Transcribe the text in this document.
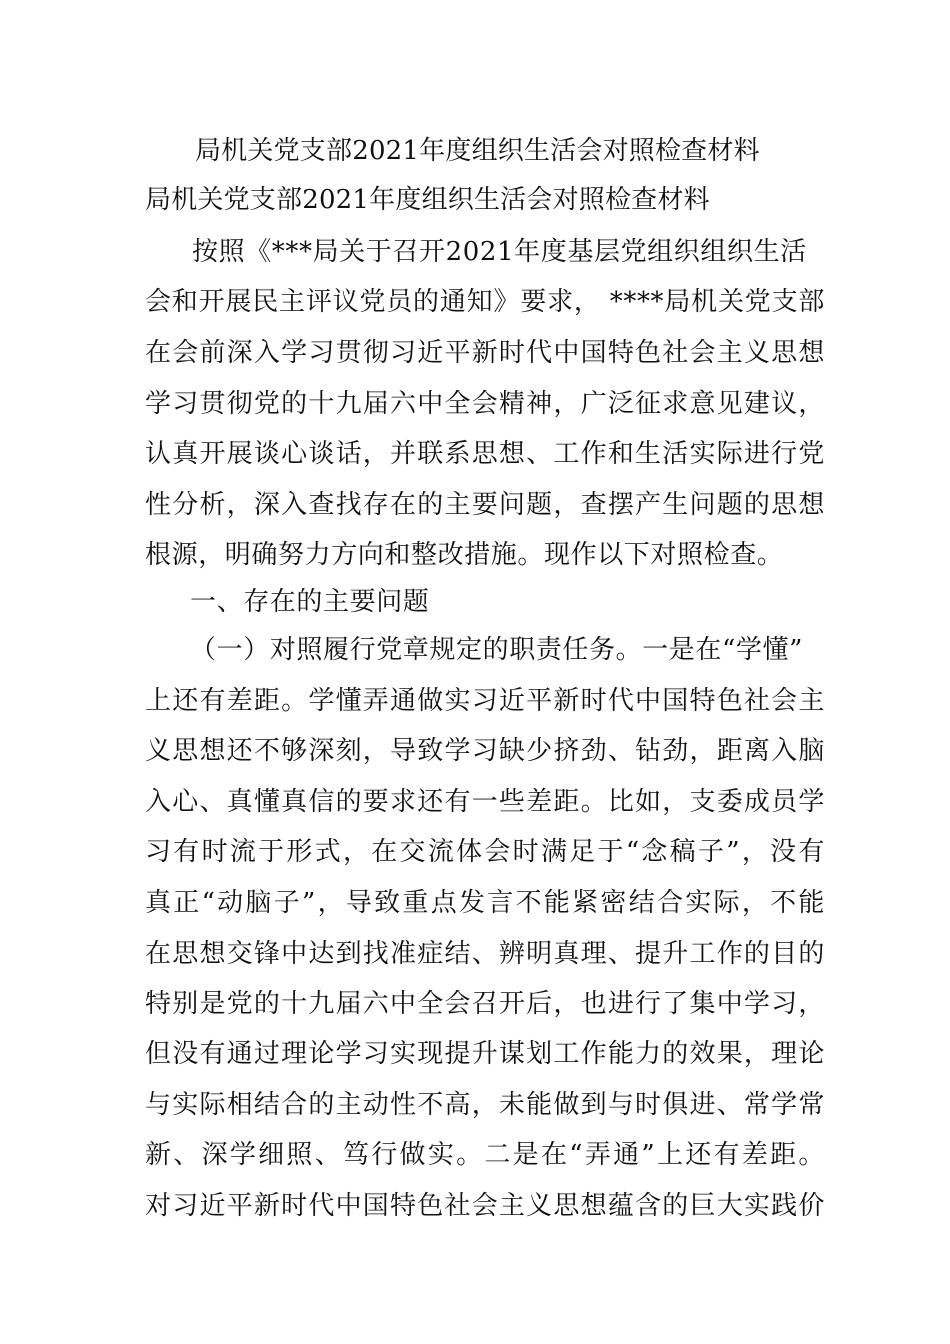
局机关党支部2021年度组织生活会对照检查材料
局机关党支部2021年度组织生活会对照检查材料
按照《***局关于召开2021年度基层党组织组织生活
会和开展民主评议党员的通知》要求， ****局机关党支部
在会前深入学习贯彻习近平新时代中国特色社会主义思想
学习贯彻党的十九届六中全会精神，广泛征求意见建议，
认真开展谈心谈话，并联系思想、工作和生活实际进行党
性分析，深入查找存在的主要问题，查摆产生问题的思想
根源，明确努力方向和整改措施。现作以下对照检查。
一、存在的主要问题
（一）对照履行党章规定的职责任务。一是在“学懂”
上还有差距。学懂弄通做实习近平新时代中国特色社会主
义思想还不够深刻，导致学习缺少挤劲、钻劲，距离入脑
入心、真懂真信的要求还有一些差距。比如，支委成员学
习有时流于形式，在交流体会时满足于“念稿子”，没有
真正“动脑子”，导致重点发言不能紧密结合实际，不能
在思想交锋中达到找准症结、辨明真理、提升工作的目的
特别是党的十九届六中全会召开后，也进行了集中学习，
但没有通过理论学习实现提升谋划工作能力的效果，理论
与实际相结合的主动性不高，未能做到与时俱进、常学常
新、深学细照、笃行做实。二是在“弄通”上还有差距。
对习近平新时代中国特色社会主义思想蕴含的巨大实践价
